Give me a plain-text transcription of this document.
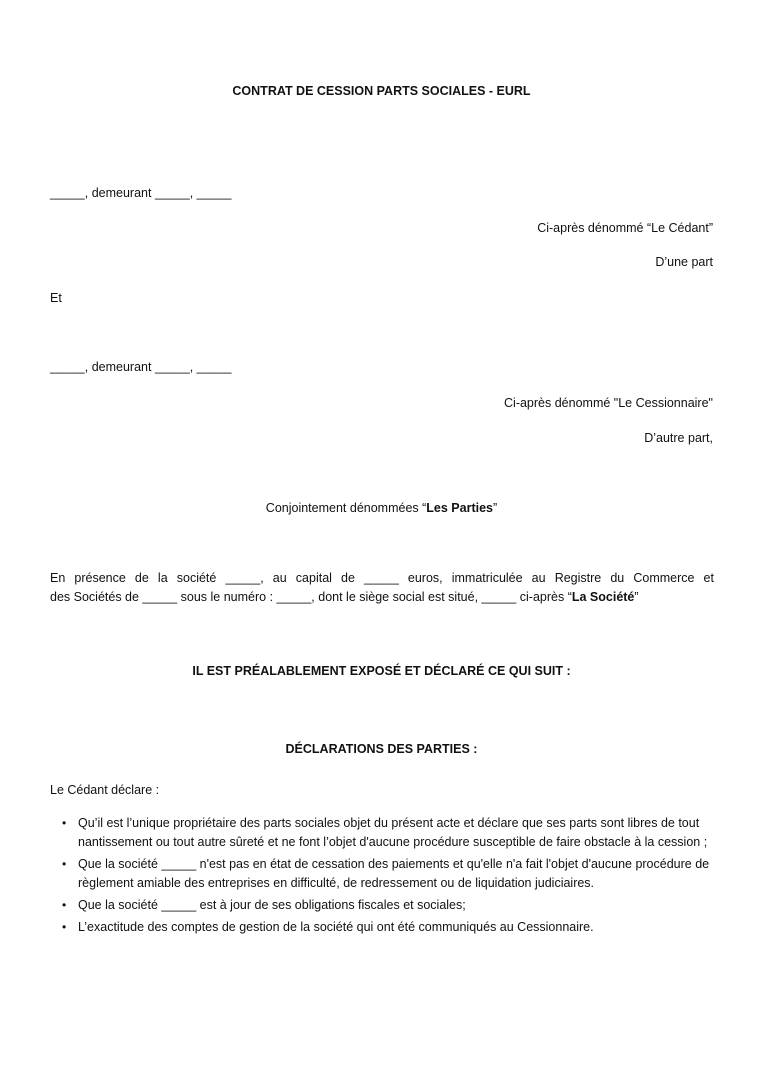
CONTRAT DE CESSION PARTS SOCIALES - EURL
_____, demeurant _____, _____
Ci-après dénommé “Le Cédant”
D’une part
Et
_____, demeurant _____, _____
Ci-après dénommé "Le Cessionnaire"
D’autre part,
Conjointement dénommées “Les Parties”
En présence de la société _____, au capital de _____ euros, immatriculée au Registre du Commerce et
des Sociétés de _____ sous le numéro : _____, dont le siège social est situé, _____ ci-après “La Société”
IL EST PRÉALABLEMENT EXPOSÉ ET DÉCLARÉ CE QUI SUIT :
DÉCLARATIONS DES PARTIES :
Le Cédant déclare :
• Qu’il est l’unique propriétaire des parts sociales objet du présent acte et déclare que ses parts sont libres de tout nantissement ou tout autre sûreté et ne font l’objet d'aucune procédure susceptible de faire obstacle à la cession ;
• Que la société _____ n'est pas en état de cessation des paiements et qu'elle n'a fait l'objet d'aucune procédure de règlement amiable des entreprises en difficulté, de redressement ou de liquidation judiciaires.
• Que la société _____ est à jour de ses obligations fiscales et sociales;
• L’exactitude des comptes de gestion de la société qui ont été communiqués au Cessionnaire.
